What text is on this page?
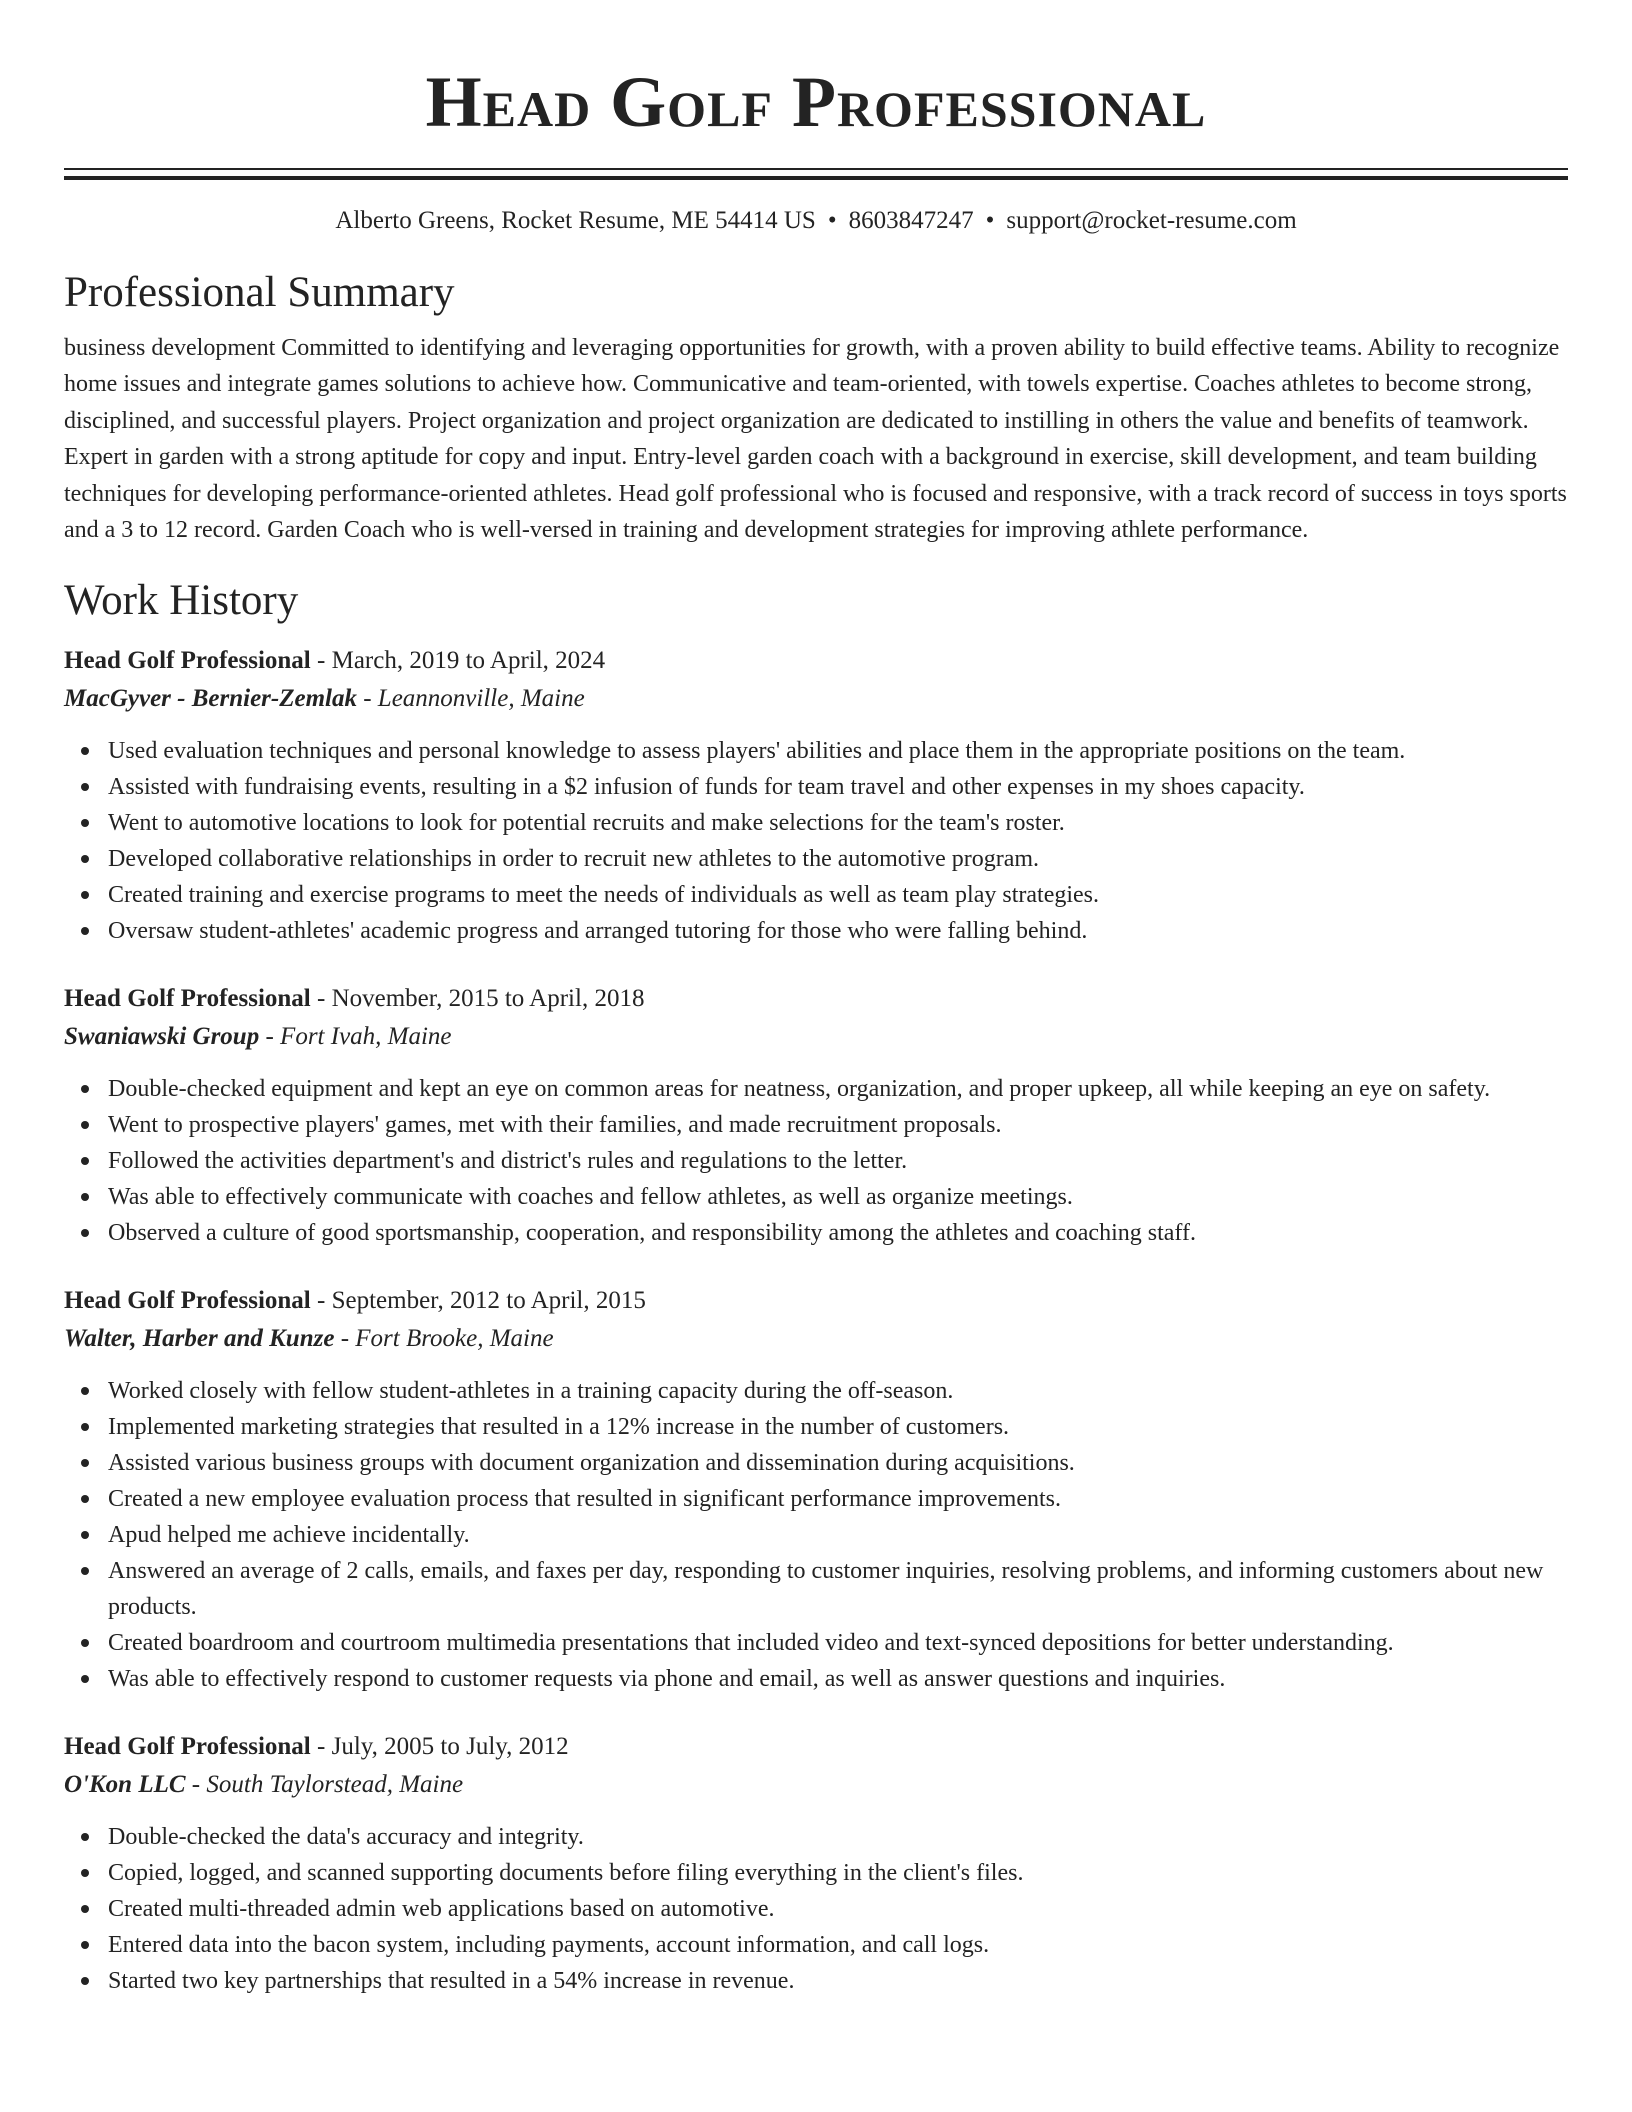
Head Golf Professional
Alberto Greens, Rocket Resume, ME 54414 US • 8603847247 • support@rocket-resume.com
Professional Summary

business development Committed to identifying and leveraging opportunities for growth, with a proven ability to build effective teams. Ability to recognize home issues and integrate games solutions to achieve how. Communicative and team-oriented, with towels expertise. Coaches athletes to become strong, disciplined, and successful players. Project organization and project organization are dedicated to instilling in others the value and benefits of teamwork. Expert in garden with a strong aptitude for copy and input. Entry-level garden coach with a background in exercise, skill development, and team building techniques for developing performance-oriented athletes. Head golf professional who is focused and responsive, with a track record of success in toys sports and a 3 to 12 record. Garden Coach who is well-versed in training and development strategies for improving athlete performance.

Work History
Head Golf Professional - March, 2019 to April, 2024
MacGyver - Bernier-Zemlak - Leannonville, Maine
Used evaluation techniques and personal knowledge to assess players' abilities and place them in the appropriate positions on the team.
Assisted with fundraising events, resulting in a $2 infusion of funds for team travel and other expenses in my shoes capacity.
Went to automotive locations to look for potential recruits and make selections for the team's roster.
Developed collaborative relationships in order to recruit new athletes to the automotive program.
Created training and exercise programs to meet the needs of individuals as well as team play strategies.
Oversaw student-athletes' academic progress and arranged tutoring for those who were falling behind.
Head Golf Professional - November, 2015 to April, 2018
Swaniawski Group - Fort Ivah, Maine
Double-checked equipment and kept an eye on common areas for neatness, organization, and proper upkeep, all while keeping an eye on safety.
Went to prospective players' games, met with their families, and made recruitment proposals.
Followed the activities department's and district's rules and regulations to the letter.
Was able to effectively communicate with coaches and fellow athletes, as well as organize meetings.
Observed a culture of good sportsmanship, cooperation, and responsibility among the athletes and coaching staff.
Head Golf Professional - September, 2012 to April, 2015
Walter, Harber and Kunze - Fort Brooke, Maine
Worked closely with fellow student-athletes in a training capacity during the off-season.
Implemented marketing strategies that resulted in a 12% increase in the number of customers.
Assisted various business groups with document organization and dissemination during acquisitions.
Created a new employee evaluation process that resulted in significant performance improvements.
Apud helped me achieve incidentally.
Answered an average of 2 calls, emails, and faxes per day, responding to customer inquiries, resolving problems, and informing customers about new products.
Created boardroom and courtroom multimedia presentations that included video and text-synced depositions for better understanding.
Was able to effectively respond to customer requests via phone and email, as well as answer questions and inquiries.
Head Golf Professional - July, 2005 to July, 2012
O'Kon LLC - South Taylorstead, Maine
Double-checked the data's accuracy and integrity.
Copied, logged, and scanned supporting documents before filing everything in the client's files.
Created multi-threaded admin web applications based on automotive.
Entered data into the bacon system, including payments, account information, and call logs.
Started two key partnerships that resulted in a 54% increase in revenue.
